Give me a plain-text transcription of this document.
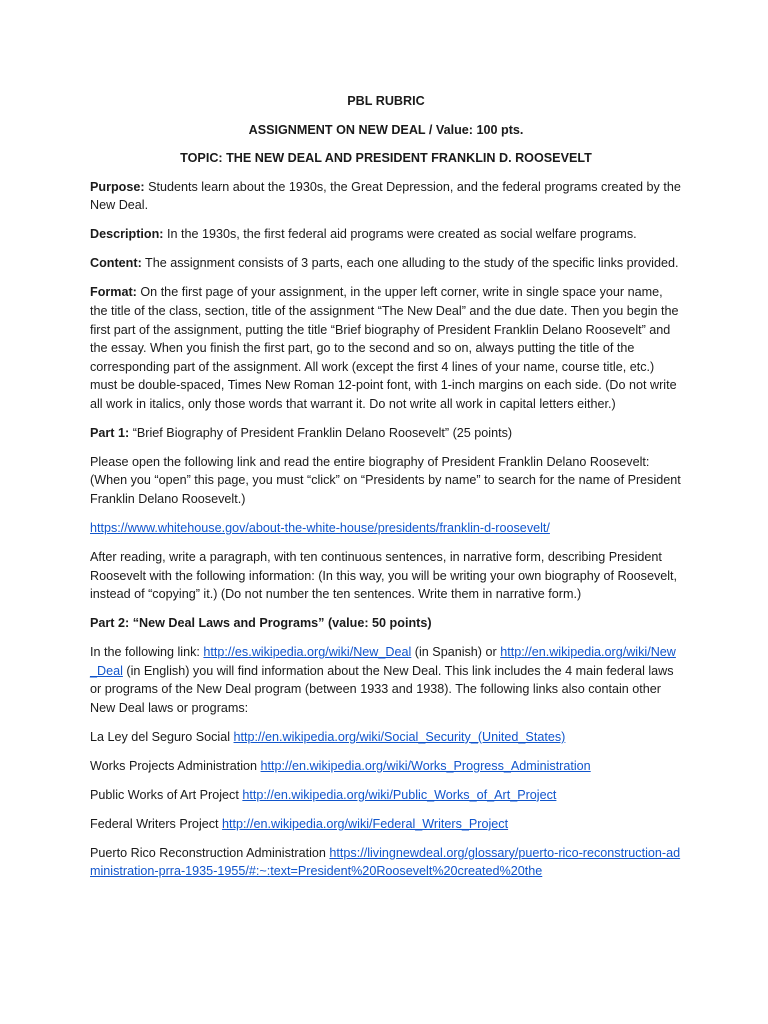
PBL RUBRIC
ASSIGNMENT ON NEW DEAL / Value: 100 pts.
TOPIC: THE NEW DEAL AND PRESIDENT FRANKLIN D. ROOSEVELT

Purpose: Students learn about the 1930s, the Great Depression, and the federal programs created by the New Deal.

Description: In the 1930s, the first federal aid programs were created as social welfare programs.

Content: The assignment consists of 3 parts, each one alluding to the study of the specific links provided.

Format: On the first page of your assignment, in the upper left corner, write in single space your name, the title of the class, section, title of the assignment “The New Deal” and the due date. Then you begin the first part of the assignment, putting the title “Brief biography of President Franklin Delano Roosevelt” and the essay. When you finish the first part, go to the second and so on, always putting the title of the corresponding part of the assignment. All work (except the first 4 lines of your name, course title, etc.) must be double-spaced, Times New Roman 12-point font, with 1-inch margins on each side. (Do not write all work in italics, only those words that warrant it. Do not write all work in capital letters either.)

Part 1: “Brief Biography of President Franklin Delano Roosevelt” (25 points)

Please open the following link and read the entire biography of President Franklin Delano Roosevelt: (When you “open” this page, you must “click” on “Presidents by name” to search for the name of President Franklin Delano Roosevelt.)

https://www.whitehouse.gov/about-the-white-house/presidents/franklin-d-roosevelt/

After reading, write a paragraph, with ten continuous sentences, in narrative form, describing President Roosevelt with the following information: (In this way, you will be writing your own biography of Roosevelt, instead of “copying” it.) (Do not number the ten sentences. Write them in narrative form.)

Part 2: “New Deal Laws and Programs” (value: 50 points)

In the following link: http://es.wikipedia.org/wiki/New_Deal (in Spanish) or http://en.wikipedia.org/wiki/New_Deal (in English) you will find information about the New Deal. This link includes the 4 main federal laws or programs of the New Deal program (between 1933 and 1938). The following links also contain other New Deal laws or programs:

La Ley del Seguro Social http://en.wikipedia.org/wiki/Social_Security_(United_States)

Works Projects Administration http://en.wikipedia.org/wiki/Works_Progress_Administration

Public Works of Art Project http://en.wikipedia.org/wiki/Public_Works_of_Art_Project

Federal Writers Project http://en.wikipedia.org/wiki/Federal_Writers_Project

Puerto Rico Reconstruction Administration https://livingnewdeal.org/glossary/puerto-rico-reconstruction-administration-prra-1935-1955/#:~:text=President%20Roosevelt%20created%20the
